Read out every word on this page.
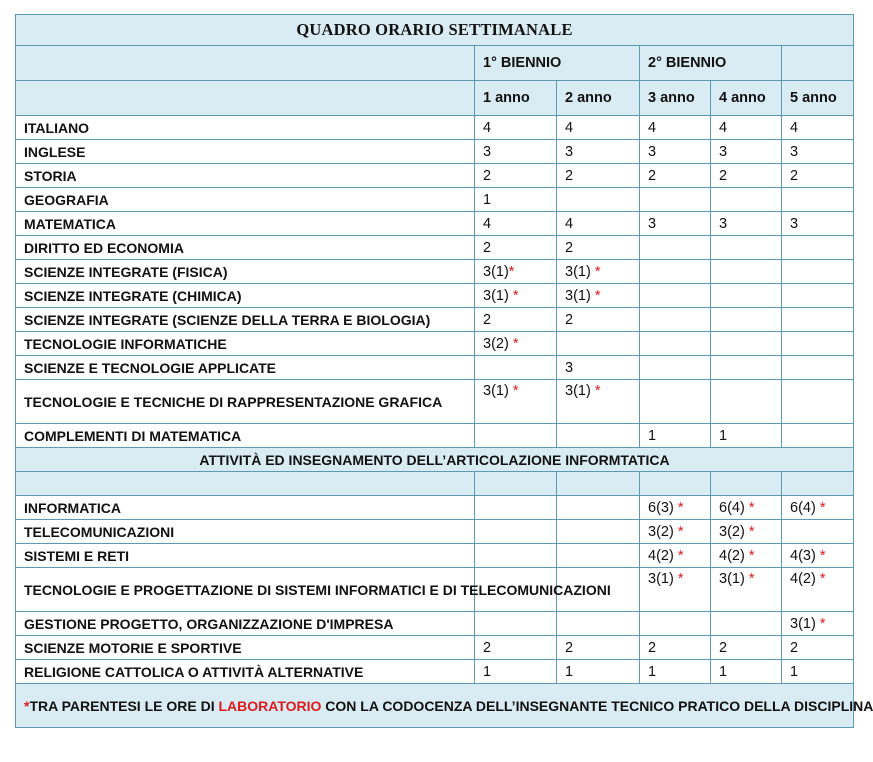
QUADRO ORARIO SETTIMANALE					
	1° BIENNIO		2° BIENNIO		
	1 anno	2 anno	3 anno	4 anno	5 anno
ITALIANO	4	4	4	4	4
INGLESE	3	3	3	3	3
STORIA	2	2	2	2	2
GEOGRAFIA	1				
MATEMATICA	4	4	3	3	3
DIRITTO ED ECONOMIA	2	2			
SCIENZE INTEGRATE (FISICA)	3(1)*	3(1) *			
SCIENZE INTEGRATE (CHIMICA)	3(1) *	3(1) *			
SCIENZE INTEGRATE (SCIENZE DELLA TERRA E BIOLOGIA)	2	2			
TECNOLOGIE INFORMATICHE	3(2) *				
SCIENZE E TECNOLOGIE APPLICATE		3			
TECNOLOGIE E TECNICHE DI RAPPRESENTAZIONE GRAFICA	3(1) *	3(1) *			
COMPLEMENTI DI MATEMATICA			1	1	
ATTIVITÀ ED INSEGNAMENTO DELL’ARTICOLAZIONE INFORMTATICA					

INFORMATICA			6(3) *	6(4) *	6(4) *
TELECOMUNICAZIONI			3(2) *	3(2) *	
SISTEMI E RETI			4(2) *	4(2) *	4(3) *
TECNOLOGIE E PROGETTAZIONE DI SISTEMI INFORMATICI E DI TELECOMUNICAZIONI			3(1) *	3(1) *	4(2) *
GESTIONE PROGETTO, ORGANIZZAZIONE D'IMPRESA					3(1) *
SCIENZE MOTORIE E SPORTIVE	2	2	2	2	2
RELIGIONE CATTOLICA O ATTIVITÀ ALTERNATIVE	1	1	1	1	1
*TRA PARENTESI LE ORE DI LABORATORIO CON LA CODOCENZA DELL’INSEGNANTE TECNICO PRATICO DELLA DISCIPLINA					
